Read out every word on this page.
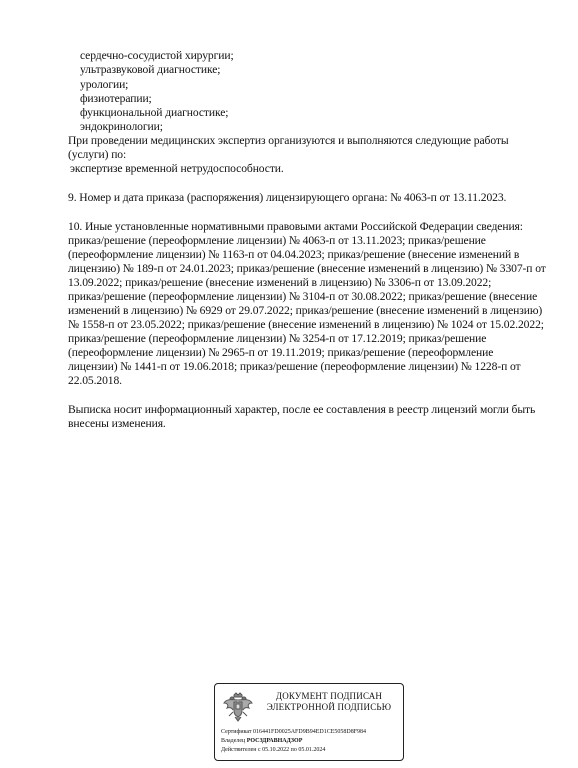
сердечно-сосудистой хирургии;
ультразвуковой диагностике;
урологии;
физиотерапии;
функциональной диагностике;
эндокринологии;
При проведении медицинских экспертиз организуются и выполняются следующие работы
(услуги) по:
экспертизе временной нетрудоспособности.
9. Номер и дата приказа (распоряжения) лицензирующего органа: № 4063-п от 13.11.2023.
10. Иные установленные нормативными правовыми актами Российской Федерации сведения:
приказ/решение (переоформление лицензии) № 4063-п от 13.11.2023; приказ/решение
(переоформление лицензии) № 1163-п от 04.04.2023; приказ/решение (внесение изменений в
лицензию) № 189-п от 24.01.2023; приказ/решение (внесение изменений в лицензию) № 3307-п от
13.09.2022; приказ/решение (внесение изменений в лицензию) № 3306-п от 13.09.2022;
приказ/решение (переоформление лицензии) № 3104-п от 30.08.2022; приказ/решение (внесение
изменений в лицензию) № 6929 от 29.07.2022; приказ/решение (внесение изменений в лицензию)
№ 1558-п от 23.05.2022; приказ/решение (внесение изменений в лицензию) № 1024 от 15.02.2022;
приказ/решение (переоформление лицензии) № 3254-п от 17.12.2019; приказ/решение
(переоформление лицензии) № 2965-п от 19.11.2019; приказ/решение (переоформление
лицензии) № 1441-п от 19.06.2018; приказ/решение (переоформление лицензии) № 1228-п от
22.05.2018.
Выписка носит информационный характер, после ее составления в реестр лицензий могли быть
внесены изменения.
ДОКУМЕНТ ПОДПИСАН
ЭЛЕКТРОННОЙ ПОДПИСЬЮ
Сертификат 016441FD0025AFD9B94ED1CE5058D8F984
Владелец РОСЗДРАВНАДЗОР
Действителен с 05.10.2022 по 05.01.2024
